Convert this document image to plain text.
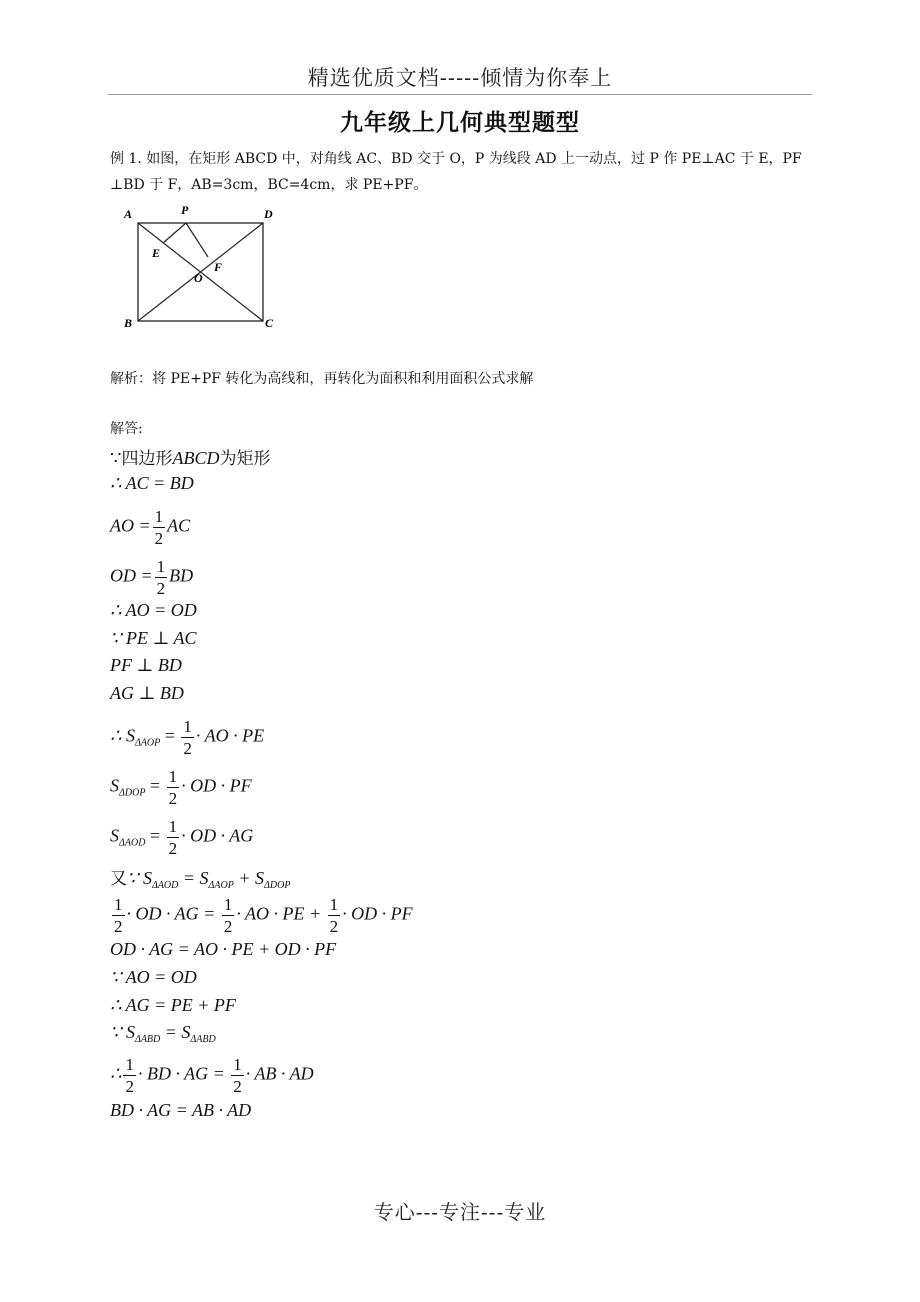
精选优质文档-----倾情为你奉上
九年级上几何典型题型
例 1. 如图，在矩形 ABCD 中，对角线 AC、BD 交于 O，P 为线段 AD 上一动点，过 P 作 PE⊥AC 于 E，PF
⊥BD 于 F，AB=3cm，BC=4cm，求 PE+PF。
A	P	D
E
F
O
B	C
解析：将 PE+PF 转化为高线和，再转化为面积和利用面积公式求解
解答:
∵四边形ABCD为矩形
∴ AC = BD
AO = $\frac{1}{2}$ AC
OD = $\frac{1}{2}$ BD
∴ AO = OD
∵ PE ⊥ AC
PF ⊥ BD
AG ⊥ BD
∴ $S_{\Delta AOP} = \frac{1}{2}$ · AO · PE
$S_{\Delta DOP} = \frac{1}{2}$ · OD · PF
$S_{\Delta AOD} = \frac{1}{2}$ · OD · AG
又∵ $S_{\Delta AOD} = S_{\Delta AOP} + S_{\Delta DOP}$
$\frac{1}{2}$ · OD · AG = $\frac{1}{2}$ · AO · PE + $\frac{1}{2}$ · OD · PF
OD · AG = AO · PE + OD · PF
∵ AO = OD
∴ AG = PE + PF
∵ $S_{\Delta ABD} = S_{\Delta ABD}$
∴ $\frac{1}{2}$ · BD · AG = $\frac{1}{2}$ · AB · AD
BD · AG = AB · AD
专心---专注---专业
